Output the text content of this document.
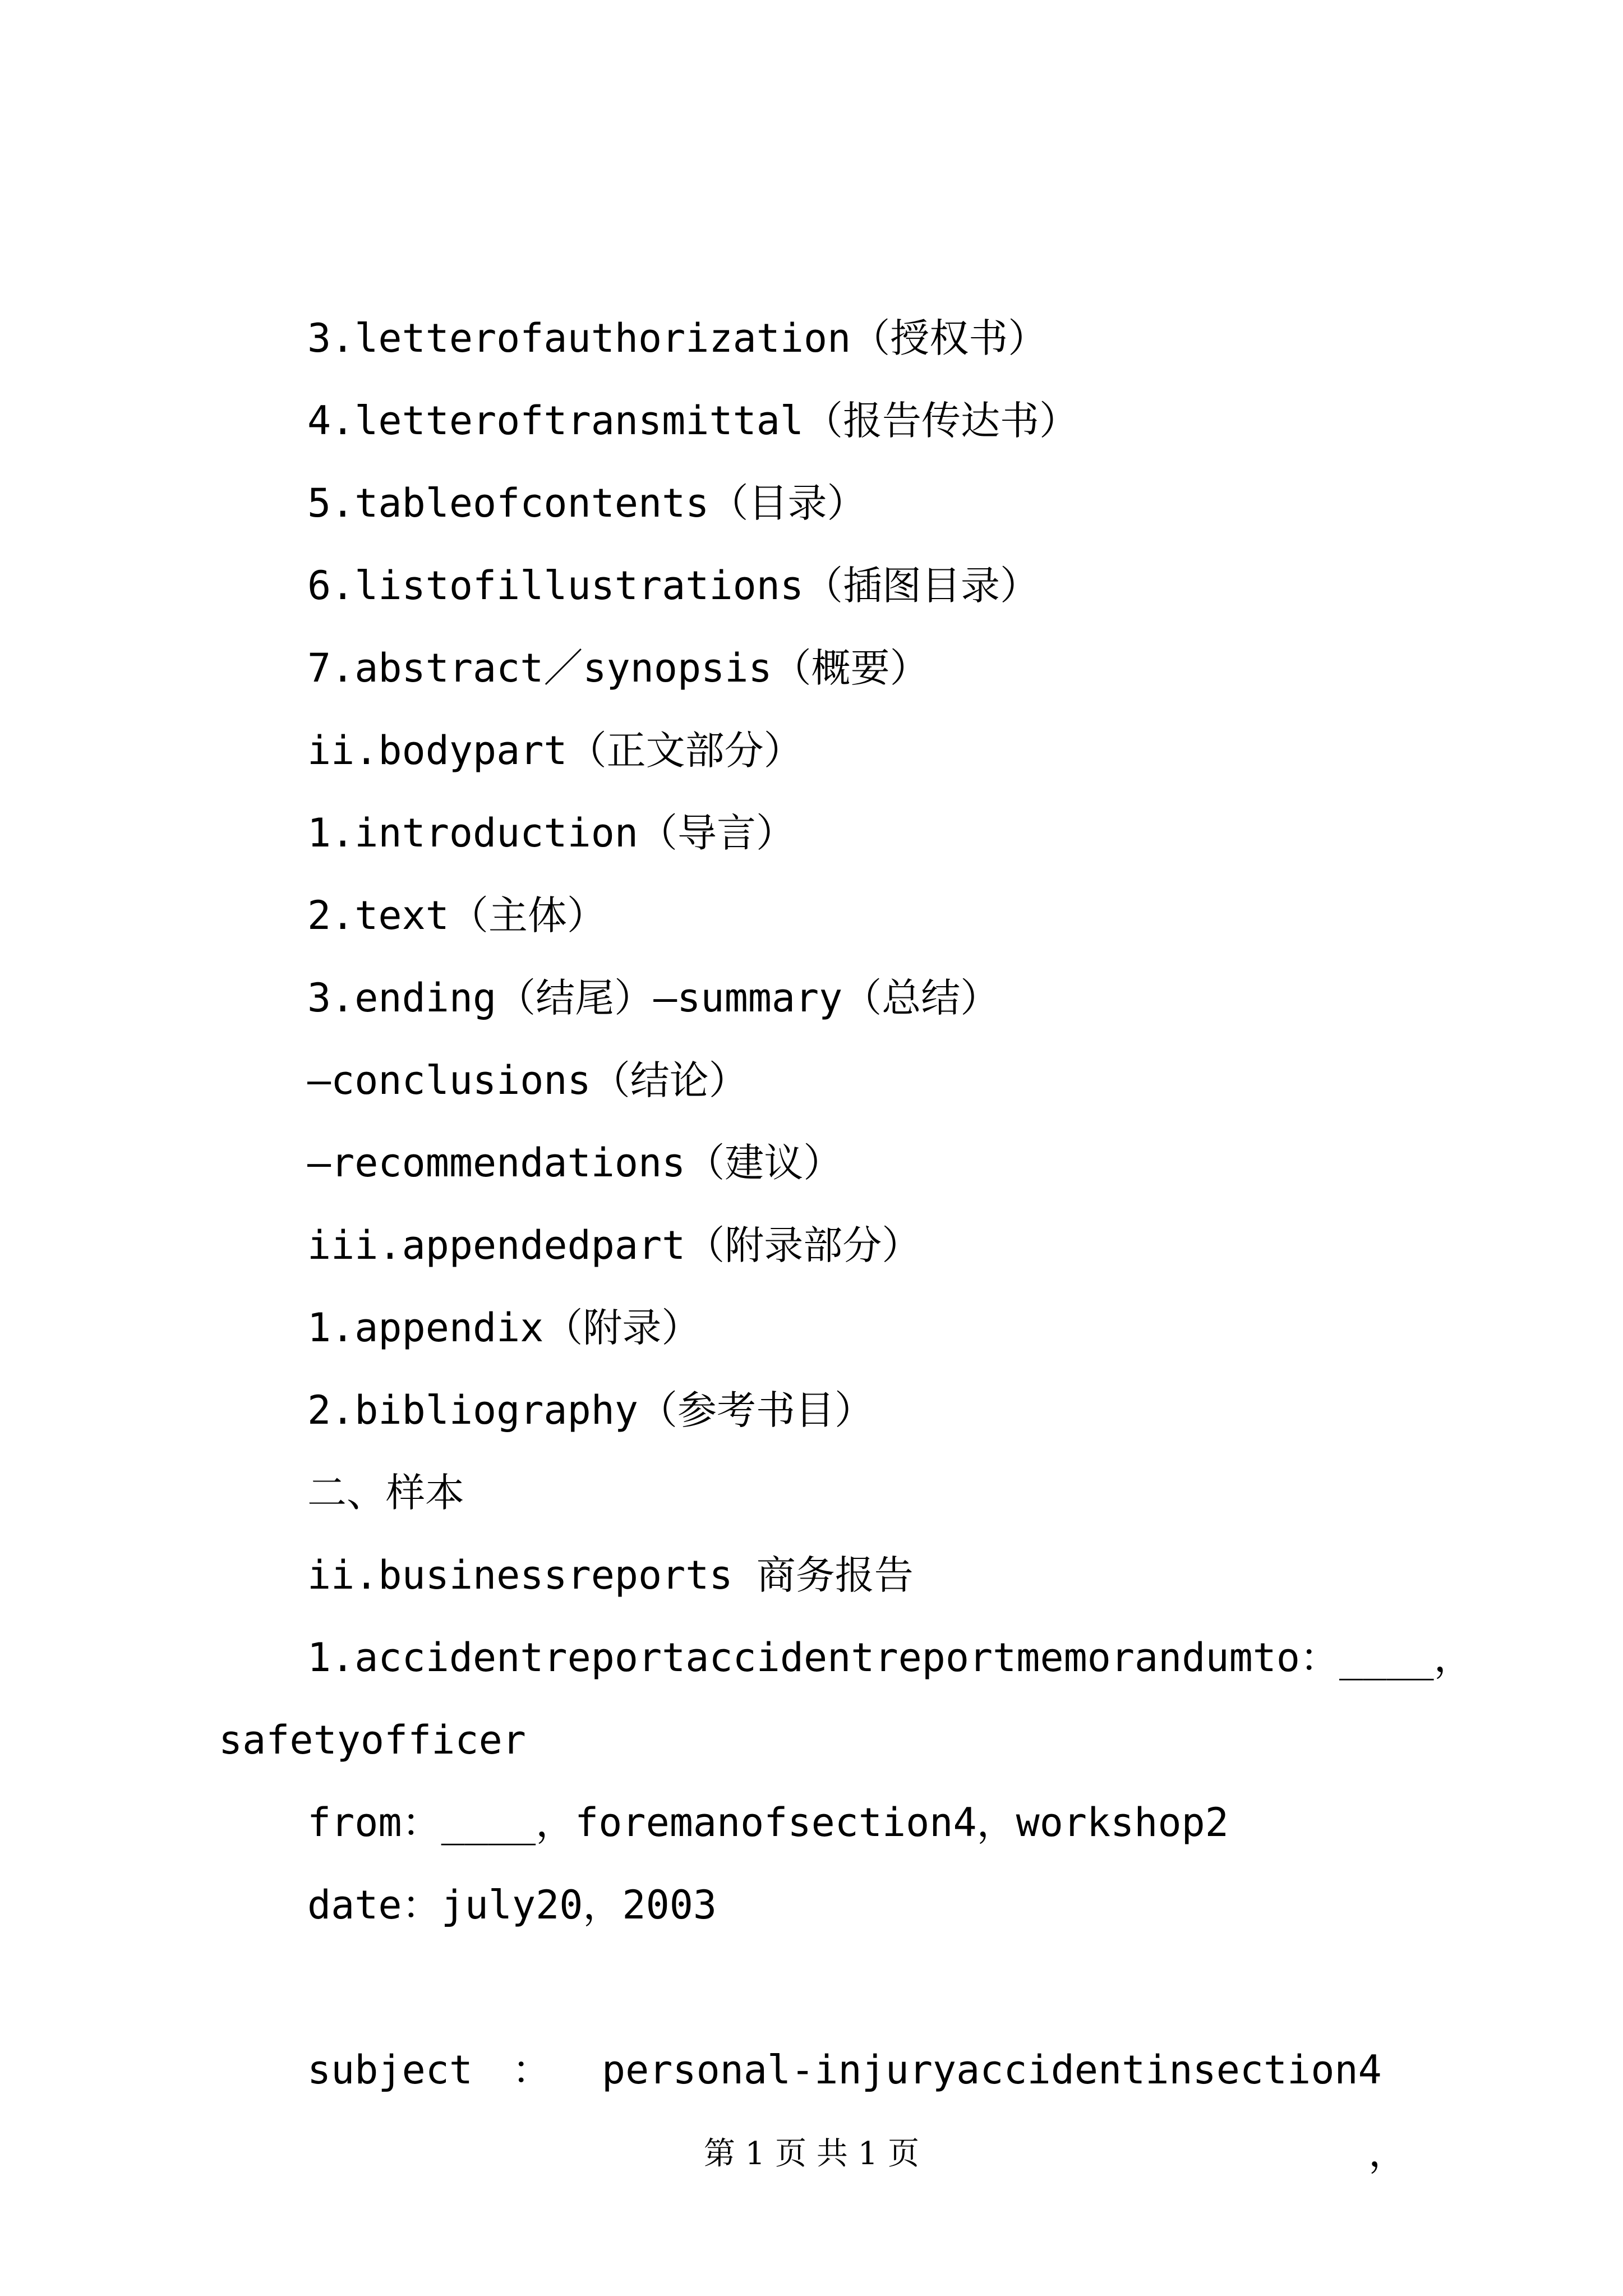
3.letterofauthorization（授权书）

4.letteroftransmittal（报告传达书）

5.tableofcontents（目录）

6.listofillustrations（插图目录）

7.abstract／synopsis（概要）

ii.bodypart（正文部分）

1.introduction（导言）

2.text（主体）

3.ending（结尾）—summary（总结）

—conclusions（结论）

—recommendations（建议）

iii.appendedpart（附录部分）

1.appendix（附录）

2.bibliography（参考书目）

二、样本

ii.businessreports 商务报告

1.accidentreportaccidentreportmemorandumto：____，

safetyofficer

from：____，foremanofsection4，workshop2

date：july20，2003

subject ： personal-injuryaccidentinsection4

，

第 1 页 共 1 页
